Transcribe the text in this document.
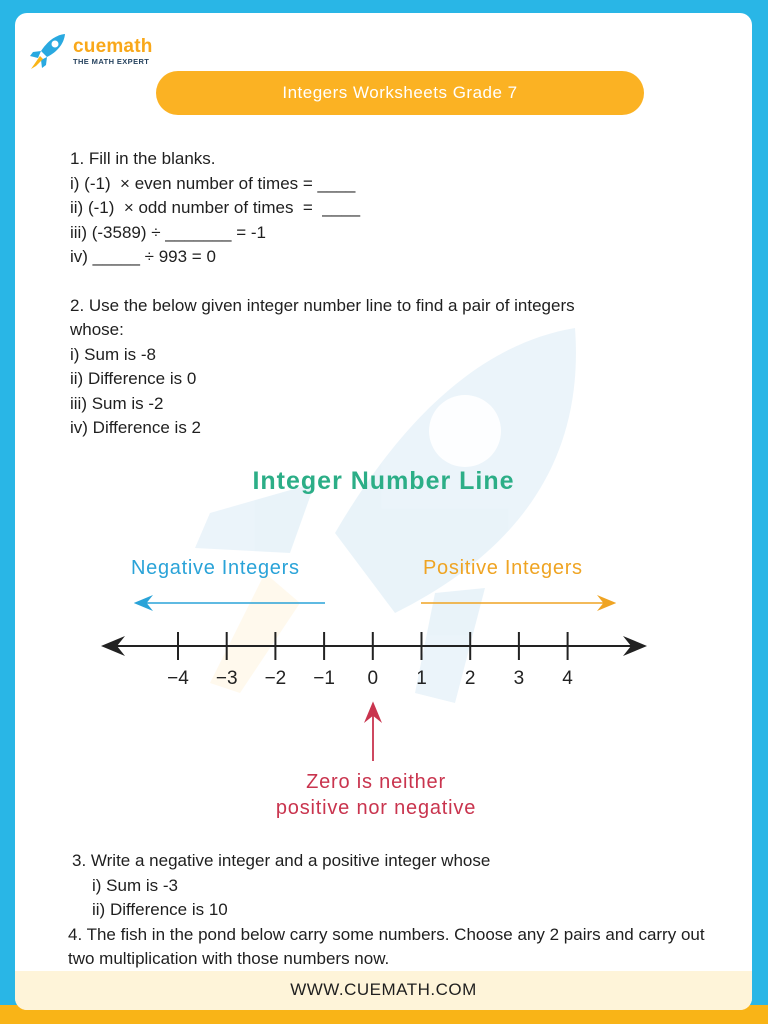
cuemath
THE MATH EXPERT
Integers Worksheets Grade 7
1. Fill in the blanks.
i) (-1)  × even number of times = ____
ii) (-1)  × odd number of times  =  ____
iii) (-3589) ÷ _______ = -1
iv) _____ ÷ 993 = 0
2. Use the below given integer number line to find a pair of integers whose:
i) Sum is -8
ii) Difference is 0
iii) Sum is -2
iv) Difference is 2
Integer Number Line
Negative Integers	Positive Integers
−4 −3 −2 −1 0 1 2 3 4
Zero is neither
positive nor negative
3. Write a negative integer and a positive integer whose
i) Sum is -3
ii) Difference is 10
4. The fish in the pond below carry some numbers. Choose any 2 pairs and carry out two multiplication with those numbers now.
WWW.CUEMATH.COM
